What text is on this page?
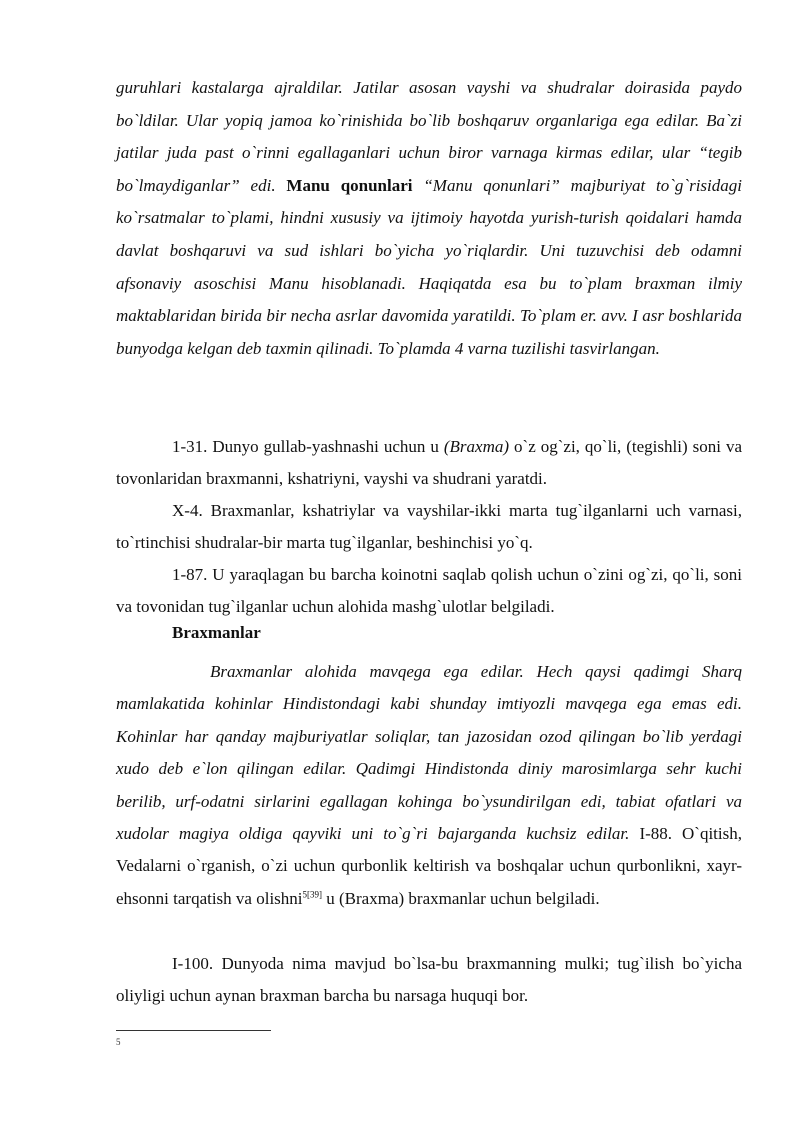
guruhlari kastalarga ajraldilar. Jatilar asosan vayshi va shudralar doirasida paydo bo`ldilar. Ular yopiq jamoa ko`rinishida bo`lib boshqaruv organlariga ega edilar. Ba`zi jatilar juda past o`rinni egallaganlari uchun biror varnaga kirmas edilar, ular “tegib bo`lmaydiganlar” edi. Manu qonunlari “Manu qonunlari” majburiyat to`g`risidagi ko`rsatmalar to`plami, hindni xususiy va ijtimoiy hayotda yurish-turish qoidalari hamda davlat boshqaruvi va sud ishlari bo`yicha yo`riqlardir. Uni tuzuvchisi deb odamni afsonaviy asoschisi Manu hisoblanadi. Haqiqatda esa bu to`plam braxman ilmiy maktablaridan birida bir necha asrlar davomida yaratildi. To`plam er. avv. I asr boshlarida bunyodga kelgan deb taxmin qilinadi. To`plamda 4 varna tuzilishi tasvirlangan.
1-31. Dunyo gullab-yashnashi uchun u (Braxma) o`z og`zi, qo`li, (tegishli) soni va tovonlaridan braxmanni, kshatriyni, vayshi va shudrani yaratdi.
X-4. Braxmanlar, kshatriylar va vayshilar-ikki marta tug`ilganlarni uch varnasi, to`rtinchisi shudralar-bir marta tug`ilganlar, beshinchisi yo`q.
1-87. U yaraqlagan bu barcha koinotni saqlab qolish uchun o`zini og`zi, qo`li, soni va tovonidan tug`ilganlar uchun alohida mashg`ulotlar belgiladi.
Braxmanlar
Braxmanlar alohida mavqega ega edilar. Hech qaysi qadimgi Sharq mamlakatida kohinlar Hindistondagi kabi shunday imtiyozli mavqega ega emas edi. Kohinlar har qanday majburiyatlar soliqlar, tan jazosidan ozod qilingan bo`lib yerdagi xudo deb e`lon qilingan edilar. Qadimgi Hindistonda diniy marosimlarga sehr kuchi berilib, urf-odatni sirlarini egallagan kohinga bo`ysundirilgan edi, tabiat ofatlari va xudolar magiya oldiga qayviki uni to`g`ri bajarganda kuchsiz edilar. I-88. O`qitish, Vedalarni o`rganish, o`zi uchun qurbonlik keltirish va boshqalar uchun qurbonlikni, xayr-ehsonni tarqatish va olishni$^{5[39]}$ u (Braxma) braxmanlar uchun belgiladi.
I-100. Dunyoda nima mavjud bo`lsa-bu braxmanning mulki; tug`ilish bo`yicha oliyligi uchun aynan braxman barcha bu narsaga huquqi bor.
5
